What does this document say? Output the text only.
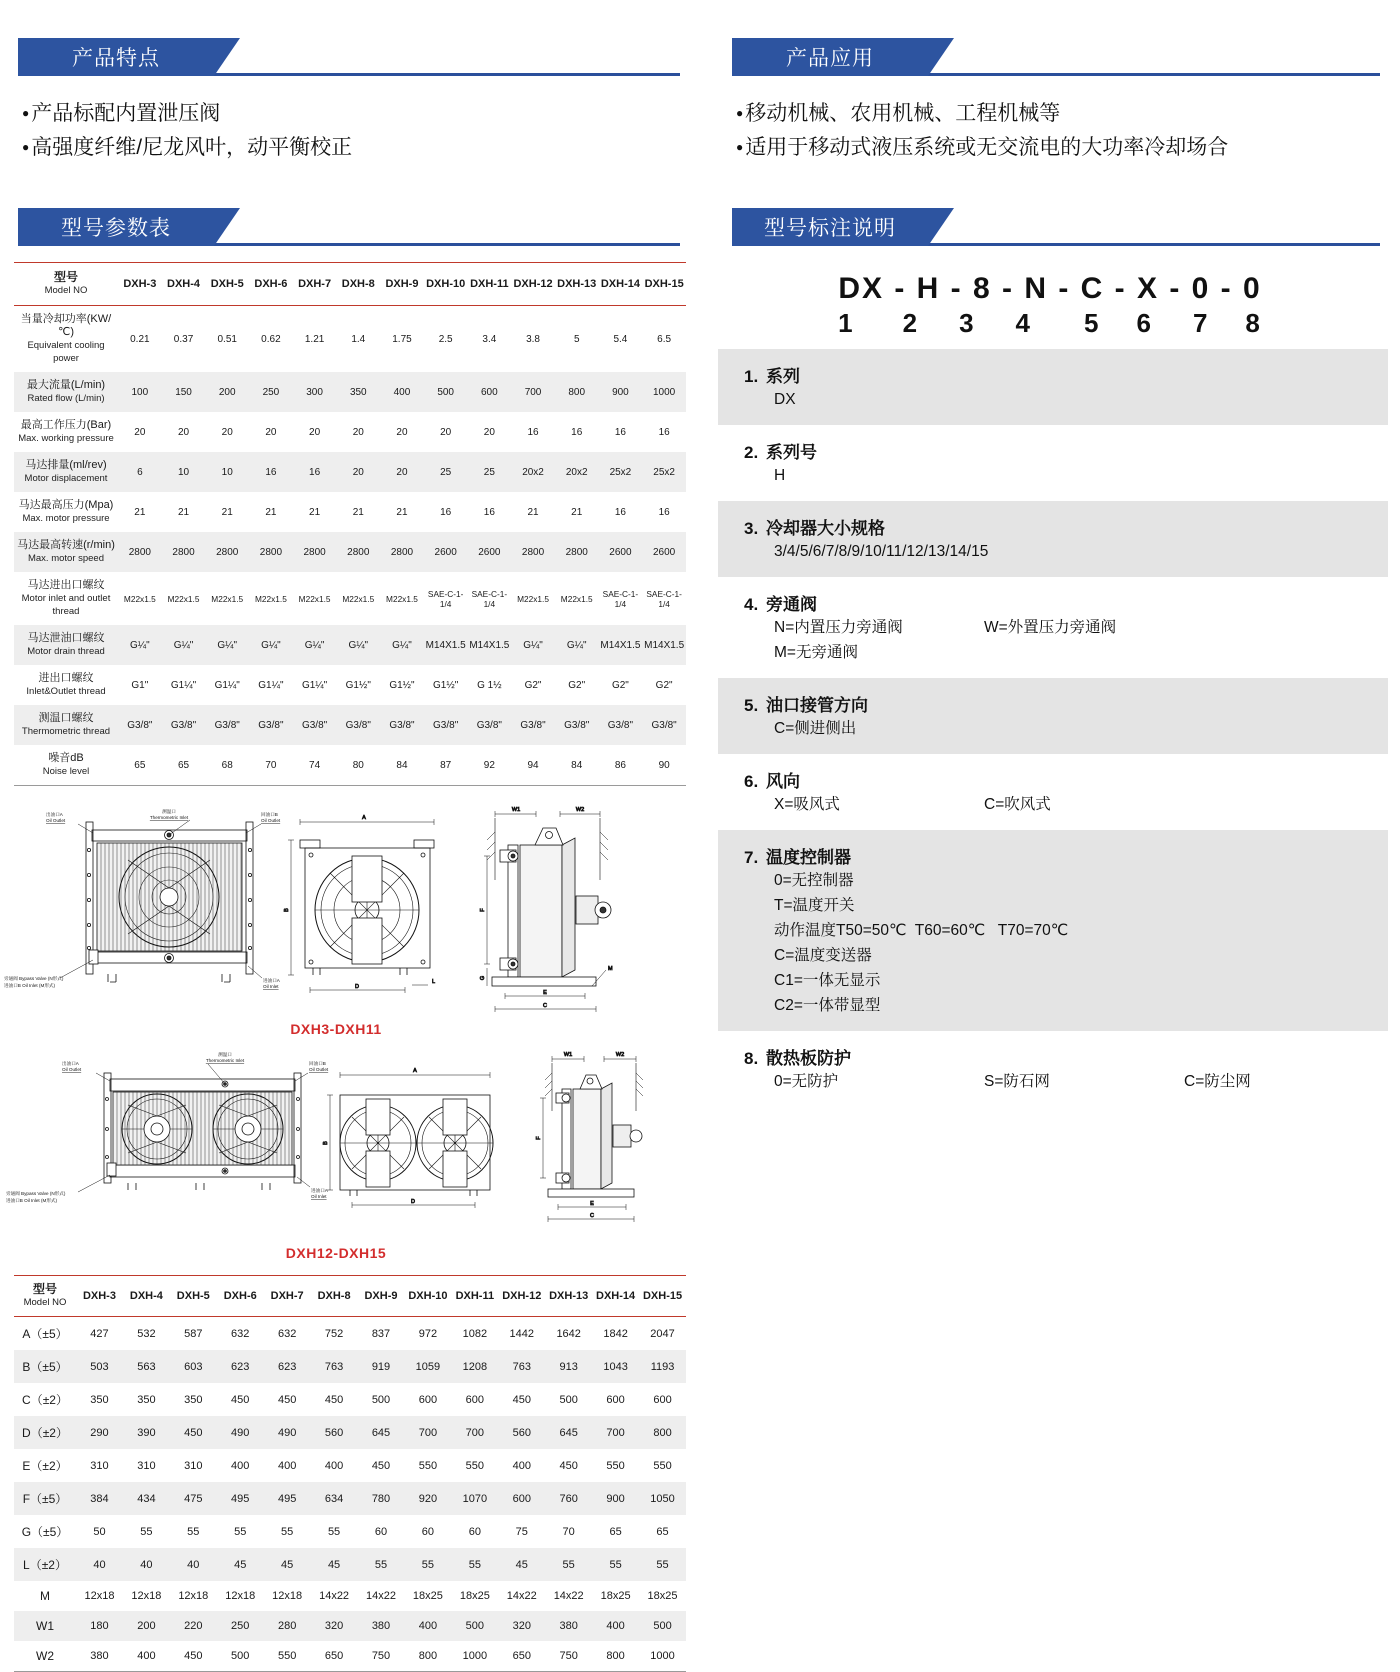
产品特点
● 产品标配内置泄压阀
● 高强度纤维/尼龙风叶，动平衡校正
型号参数表
型号
Model NO	DXH-3	DXH-4	DXH-5	DXH-6	DXH-7	DXH-8	DXH-9	DXH-10	DXH-11	DXH-12	DXH-13	DXH-14	DXH-15

当量冷却功率(KW/℃)
Equivalent cooling power	0.21	0.37	0.51	0.62	1.21	1.4	1.75	2.5	3.4	3.8	5	5.4	6.5

最大流量(L/min)
Rated flow (L/min)	100	150	200	250	300	350	400	500	600	700	800	900	1000

最高工作压力(Bar)
Max. working pressure	20	20	20	20	20	20	20	20	20	16	16	16	16

马达排量(ml/rev)
Motor displacement	6	10	10	16	16	20	20	25	25	20x2	20x2	25x2	25x2

马达最高压力(Mpa)
Max. motor pressure	21	21	21	21	21	21	21	16	16	21	21	16	16

马达最高转速(r/min)
Max. motor speed	2800	2800	2800	2800	2800	2800	2800	2600	2600	2800	2800	2600	2600

马达进出口螺纹
Motor inlet and outlet thread	M22x1.5	M22x1.5	M22x1.5	M22x1.5	M22x1.5	M22x1.5	M22x1.5	SAE-C-1-1/4	SAE-C-1-1/4	M22x1.5	M22x1.5	SAE-C-1-1/4	SAE-C-1-1/4

马达泄油口螺纹
Motor drain thread	G¼"	G¼"	G¼"	G¼"	G¼"	G¼"	G¼"	M14X1.5	M14X1.5	G¼"	G¼"	M14X1.5	M14X1.5

进出口螺纹
Inlet&Outlet thread	G1"	G1¼"	G1¼"	G1¼"	G1¼"	G1½"	G1½"	G1½"	G 1½	G2"	G2"	G2"	G2"

测温口螺纹
Thermometric thread	G3/8"	G3/8"	G3/8"	G3/8"	G3/8"	G3/8"	G3/8"	G3/8"	G3/8"	G3/8"	G3/8"	G3/8"	G3/8"

噪音dB
Noise level	65	65	68	70	74	80	84	87	92	94	84	86	90
A
B
D
L
W1	W2
F
G
E
C
M
测温口
Thermometric Inlet
出油口A
Oil Outlet
回油口B
Oil Outlet
进油口A
Oil Inlet
旁通阀 Bypass Valve (N形式)
进油口B Oil Inlet (M形式)
DXH3-DXH11
A
D
B
W1	W2
F
E
C
测温口
Thermometric Inlet
出油口A
Oil Outlet
回油口B
Oil Outlet
进油口A
Oil Inlet
旁通阀 Bypass Valve (N形式)
进油口B Oil Inlet (M形式)
DXH12-DXH15
型号
Model NO	DXH-3	DXH-4	DXH-5	DXH-6	DXH-7	DXH-8	DXH-9	DXH-10	DXH-11	DXH-12	DXH-13	DXH-14	DXH-15
A（±5）	427	532	587	632	632	752	837	972	1082	1442	1642	1842	2047
B（±5）	503	563	603	623	623	763	919	1059	1208	763	913	1043	1193
C（±2）	350	350	350	450	450	450	500	600	600	450	500	600	600
D（±2）	290	390	450	490	490	560	645	700	700	560	645	700	800
E（±2）	310	310	310	400	400	400	450	550	550	400	450	550	550
F（±5）	384	434	475	495	495	634	780	920	1070	600	760	900	1050
G（±5）	50	55	55	55	55	55	60	60	60	75	70	65	65
L（±2）	40	40	40	45	45	45	55	55	55	45	55	55	55
M	12x18	12x18	12x18	12x18	12x18	14x22	14x22	18x25	18x25	14x22	14x22	18x25	18x25
W1	180	200	220	250	280	320	380	400	500	320	380	400	500
W2	380	400	450	500	550	650	750	800	1000	650	750	800	1000
产品应用
● 移动机械、农用机械、工程机械等
● 适用于移动式液压系统或无交流电的大功率冷却场合
型号标注说明
DX - H - 8 - N - C - X - 0 - 0
1 2 3 4 5 6 7 8
1. 系列
DX
2. 系列号
H
3. 冷却器大小规格
3/4/5/6/7/8/9/10/11/12/13/14/15
4. 旁通阀
N=内置压力旁通阀	W=外置压力旁通阀
M=无旁通阀
5. 油口接管方向
C=侧进侧出
6. 风向
X=吸风式	C=吹风式
7. 温度控制器
0=无控制器
T=温度开关
动作温度T50=50℃  T60=60℃   T70=70℃
C=温度变送器
C1=一体无显示
C2=一体带显型
8. 散热板防护
0=无防护	S=防石网	C=防尘网
